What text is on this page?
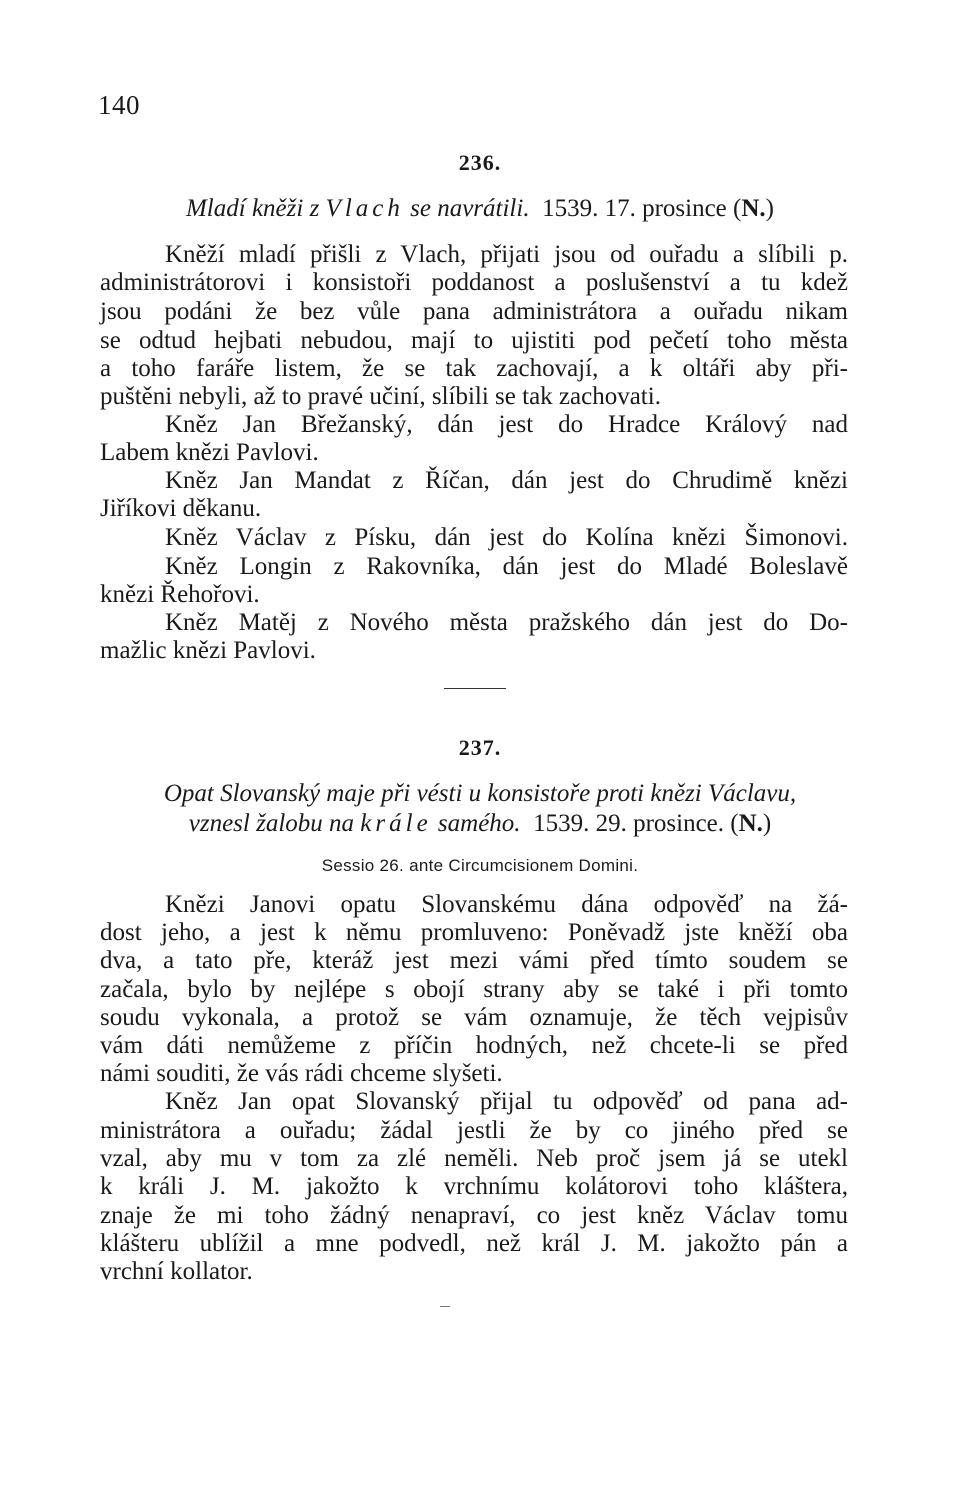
140
236.
Mladí kněži z Vlach se navrátili. 1539. 17. prosince (N.)
Kněží mladí přišli z Vlach, přijati jsou od ouřadu a slíbili p.
administrátorovi i konsistoři poddanost a poslušenství a tu kdež
jsou podáni že bez vůle pana administrátora a ouřadu nikam
se odtud hejbati nebudou, mají to ujistiti pod pečetí toho města
a toho faráře listem, že se tak zachovají, a k oltáři aby při-
puštěni nebyli, až to pravé učiní, slíbili se tak zachovati.
Kněz Jan Břežanský, dán jest do Hradce Králový nad
Labem knězi Pavlovi.
Kněz Jan Mandat z Říčan, dán jest do Chrudimě knězi
Jiříkovi děkanu.
Kněz Václav z Písku, dán jest do Kolína knězi Šimonovi.
Kněz Longin z Rakovníka, dán jest do Mladé Boleslavě
knězi Řehořovi.
Kněz Matěj z Nového města pražského dán jest do Do-
mažlic knězi Pavlovi.
237.
Opat Slovanský maje při vésti u konsistoře proti knězi Václavu,
vznesl žalobu na krále samého. 1539. 29. prosince. (N.)
Sessio 26. ante Circumcisionem Domini.
Knězi Janovi opatu Slovanskému dána odpověď na žá-
dost jeho, a jest k němu promluveno: Poněvadž jste kněží oba
dva, a tato pře, kteráž jest mezi vámi před tímto soudem se
začala, bylo by nejlépe s obojí strany aby se také i při tomto
soudu vykonala, a protož se vám oznamuje, že těch vejpisův
vám dáti nemůžeme z příčin hodných, než chcete-li se před
námi souditi, že vás rádi chceme slyšeti.
Kněz Jan opat Slovanský přijal tu odpověď od pana ad-
ministrátora a ouřadu; žádal jestli že by co jiného před se
vzal, aby mu v tom za zlé neměli. Neb proč jsem já se utekl
k králi J. M. jakožto k vrchnímu kolátorovi toho kláštera,
znaje že mi toho žádný nenapraví, co jest kněz Václav tomu
klášteru ublížil a mne podvedl, než král J. M. jakožto pán a
vrchní kollator.
